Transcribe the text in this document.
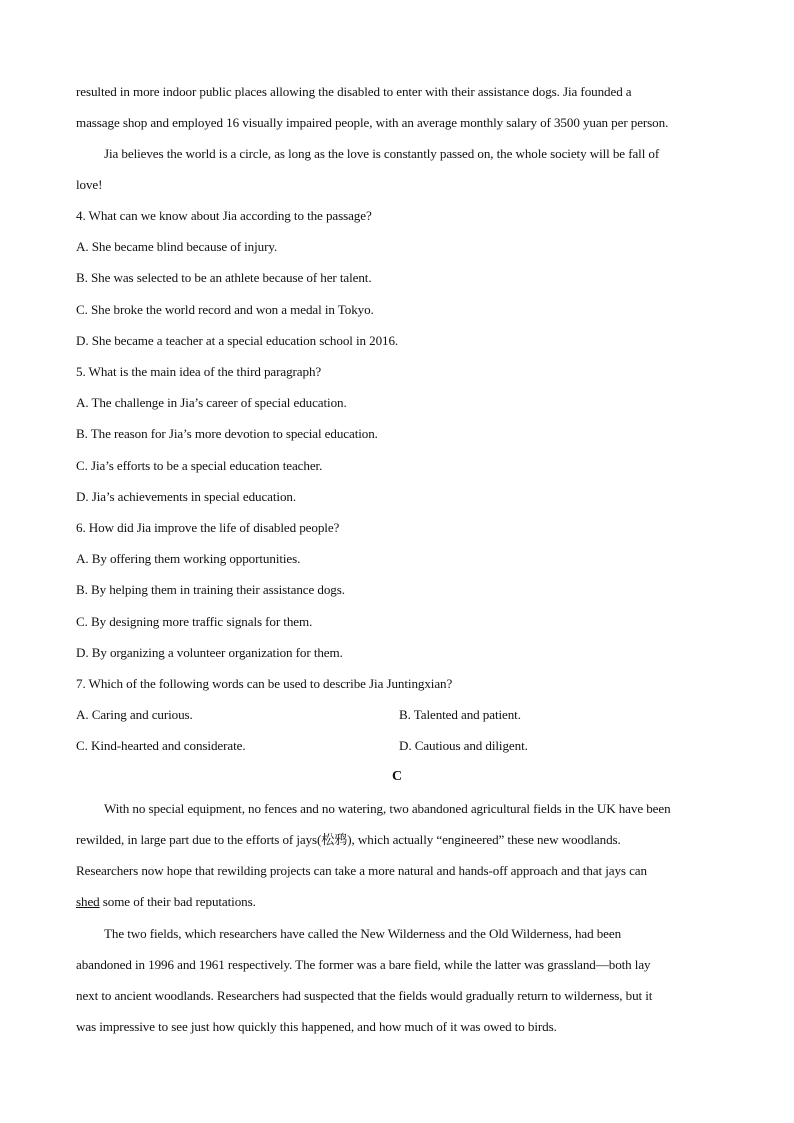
resulted in more indoor public places allowing the disabled to enter with their assistance dogs. Jia founded a
massage shop and employed 16 visually impaired people, with an average monthly salary of 3500 yuan per person.
Jia believes the world is a circle, as long as the love is constantly passed on, the whole society will be fall of
love!
4. What can we know about Jia according to the passage?
A. She became blind because of injury.
B. She was selected to be an athlete because of her talent.
C. She broke the world record and won a medal in Tokyo.
D. She became a teacher at a special education school in 2016.
5. What is the main idea of the third paragraph?
A. The challenge in Jia’s career of special education.
B. The reason for Jia’s more devotion to special education.
C. Jia’s efforts to be a special education teacher.
D. Jia’s achievements in special education.
6. How did Jia improve the life of disabled people?
A. By offering them working opportunities.
B. By helping them in training their assistance dogs.
C. By designing more traffic signals for them.
D. By organizing a volunteer organization for them.
7. Which of the following words can be used to describe Jia Juntingxian?
A. Caring and curious.	B. Talented and patient.
C. Kind-hearted and considerate.	D. Cautious and diligent.
C
With no special equipment, no fences and no watering, two abandoned agricultural fields in the UK have been
rewilded, in large part due to the efforts of jays(松鸦), which actually “engineered” these new woodlands.
Researchers now hope that rewilding projects can take a more natural and hands-off approach and that jays can
shed some of their bad reputations.
The two fields, which researchers have called the New Wilderness and the Old Wilderness, had been
abandoned in 1996 and 1961 respectively. The former was a bare field, while the latter was grassland—both lay
next to ancient woodlands. Researchers had suspected that the fields would gradually return to wilderness, but it
was impressive to see just how quickly this happened, and how much of it was owed to birds.
